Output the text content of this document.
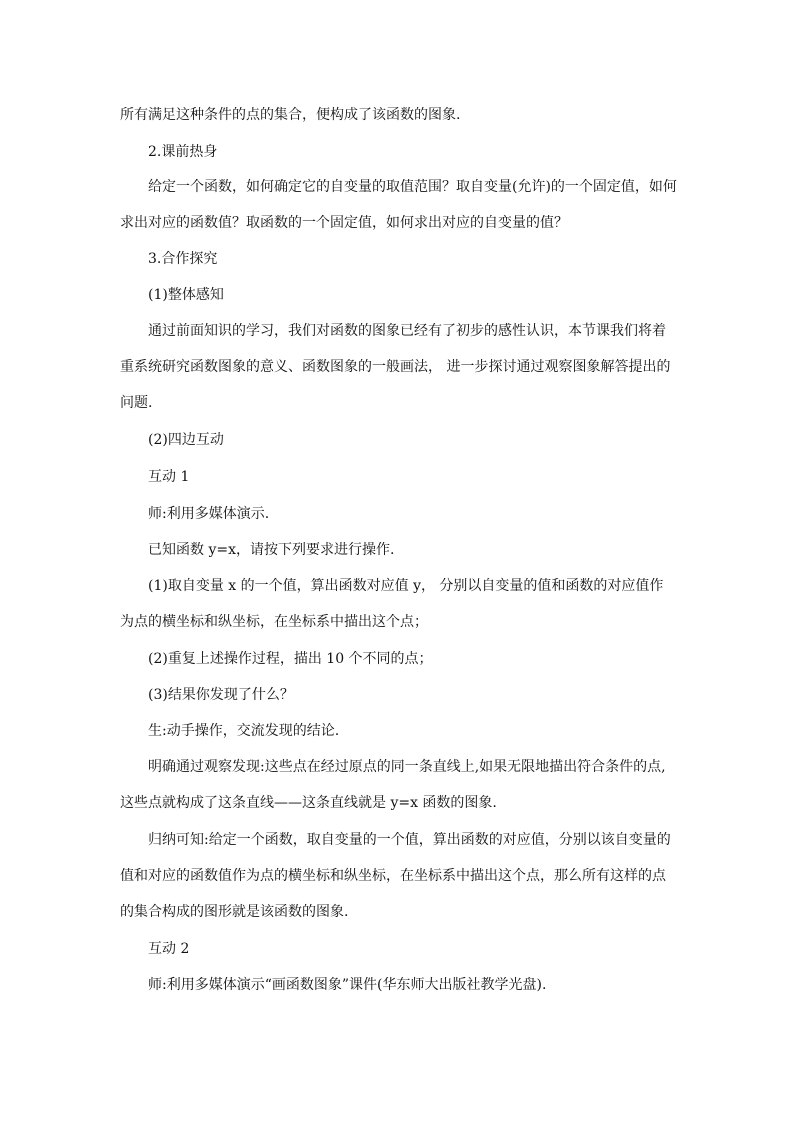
所有满足这种条件的点的集合，便构成了该函数的图象.
2.课前热身
给定一个函数，如何确定它的自变量的取值范围？取自变量(允许)的一个固定值，如何
求出对应的函数值？取函数的一个固定值，如何求出对应的自变量的值？
3.合作探究
(1)整体感知
通过前面知识的学习，我们对函数的图象已经有了初步的感性认识，本节课我们将着
重系统研究函数图象的意义、函数图象的一般画法， 进一步探讨通过观察图象解答提出的
问题.
(2)四边互动
互动 1
师:利用多媒体演示.
已知函数 y=x，请按下列要求进行操作.
(1)取自变量 x 的一个值，算出函数对应值 y， 分别以自变量的值和函数的对应值作
为点的横坐标和纵坐标，在坐标系中描出这个点；
(2)重复上述操作过程，描出 10 个不同的点；
(3)结果你发现了什么？
生:动手操作，交流发现的结论.
明确通过观察发现:这些点在经过原点的同一条直线上,如果无限地描出符合条件的点,
这些点就构成了这条直线——这条直线就是 y=x 函数的图象.
归纳可知:给定一个函数，取自变量的一个值，算出函数的对应值，分别以该自变量的
值和对应的函数值作为点的横坐标和纵坐标，在坐标系中描出这个点，那么所有这样的点
的集合构成的图形就是该函数的图象.
互动 2
师:利用多媒体演示“画函数图象”课件(华东师大出版社教学光盘).
